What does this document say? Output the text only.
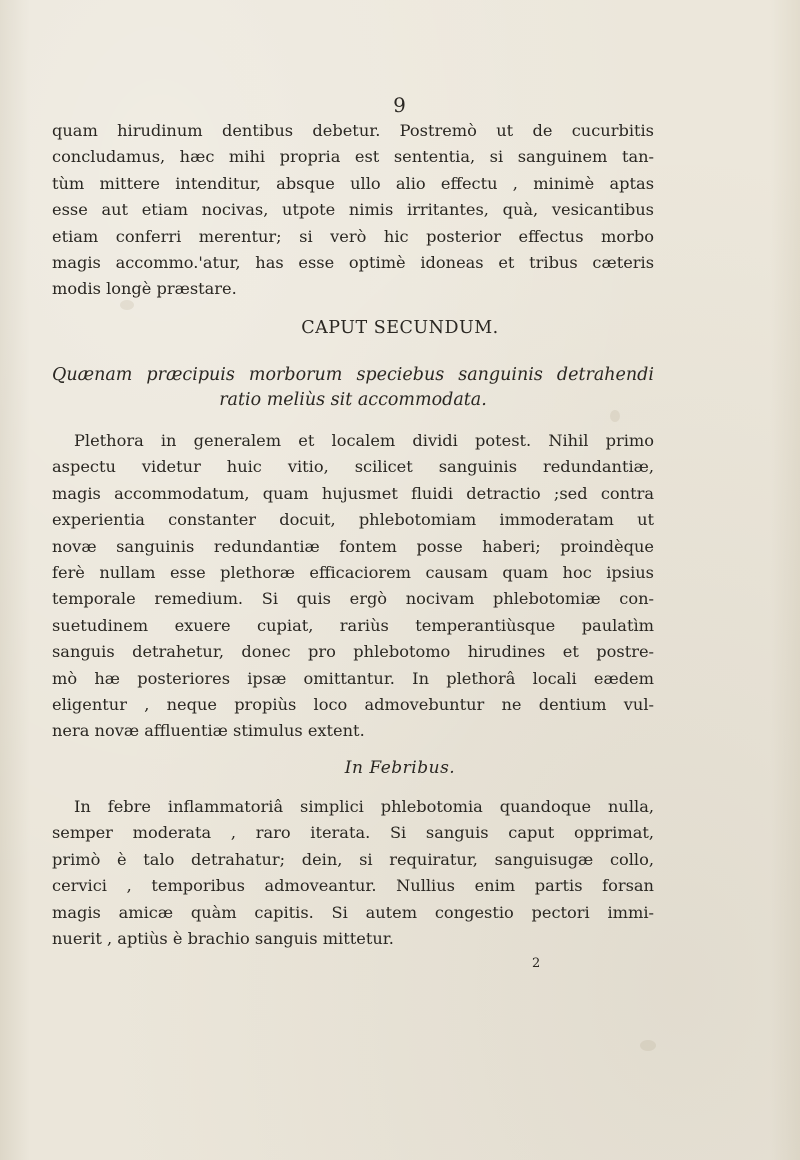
9
quam hirudinum dentibus debetur. Postremò ut de cucurbitis
concludamus, hæc mihi propria est sententia, si sanguinem tan-
tùm mittere intenditur, absque ullo alio effectu , minimè aptas
esse aut etiam nocivas, utpote nimis irritantes, quà, vesicantibus
etiam conferri merentur; si verò hic posterior effectus morbo
magis accommo.'atur, has esse optimè idoneas et tribus cæteris
modis longè præstare.
CAPUT SECUNDUM.
Quænam præcipuis morborum speciebus sanguinis detrahendi
ratio meliùs sit accommodata.
Plethora in generalem et localem dividi potest. Nihil primo
aspectu videtur huic vitio, scilicet sanguinis redundantiæ,
magis accommodatum, quam hujusmet fluidi detractio ;sed contra
experientia constanter docuit, phlebotomiam immoderatam ut
novæ sanguinis redundantiæ fontem posse haberi; proindèque
ferè nullam esse plethoræ efficaciorem causam quam hoc ipsius
temporale remedium. Si quis ergò nocivam phlebotomiæ con-
suetudinem exuere cupiat, rariùs temperantiùsque paulatìm
sanguis detrahetur, donec pro phlebotomo hirudines et postre-
mò hæ posteriores ipsæ omittantur. In plethorâ locali eædem
eligentur , neque propiùs loco admovebuntur ne dentium vul-
nera novæ affluentiæ stimulus extent.
In Febribus.
In febre inflammatoriâ simplici phlebotomia quandoque nulla,
semper moderata , raro iterata. Si sanguis caput opprimat,
primò è talo detrahatur; dein, si requiratur, sanguisugæ collo,
cervici , temporibus admoveantur. Nullius enim partis forsan
magis amicæ quàm capitis. Si autem congestio pectori immi-
nuerit , aptiùs è brachio sanguis mittetur.
2
